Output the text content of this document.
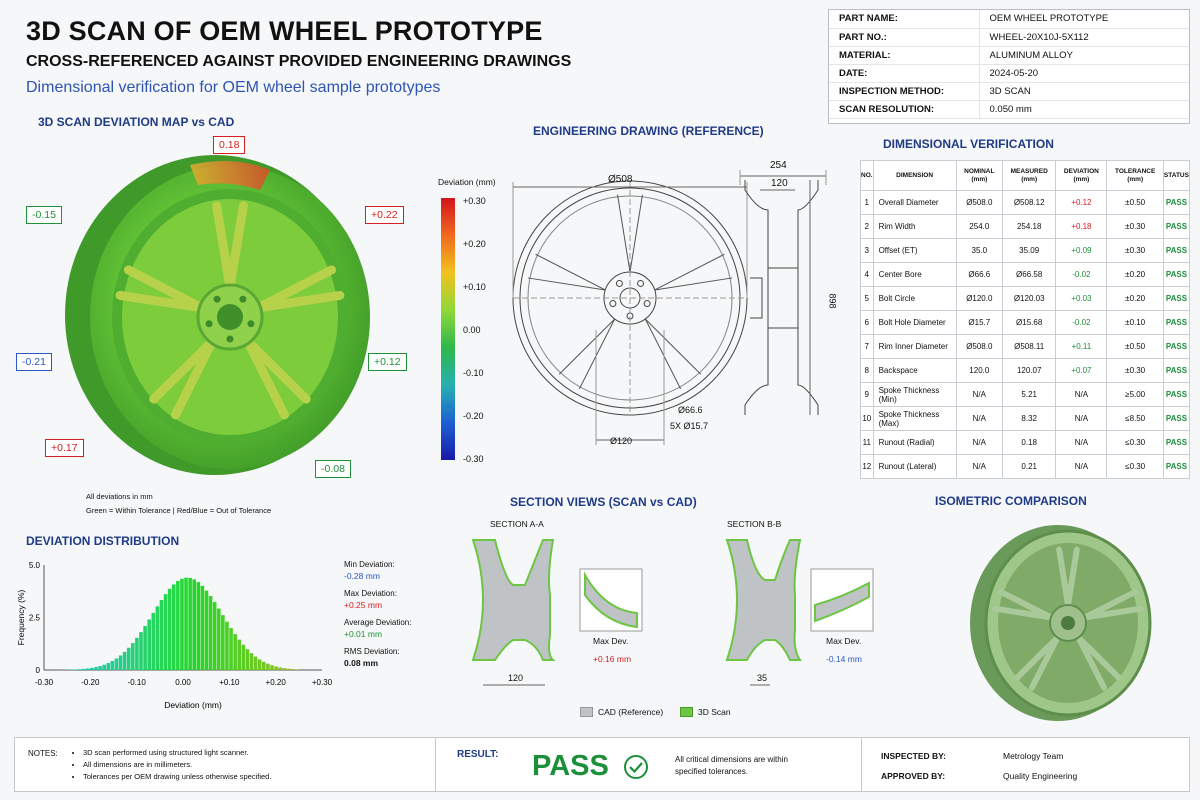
3D SCAN OF OEM WHEEL PROTOTYPE
CROSS-REFERENCED AGAINST PROVIDED ENGINEERING DRAWINGS
Dimensional verification for OEM wheel sample prototypes
PART NAME:	OEM WHEEL PROTOTYPE
PART NO.:	WHEEL-20X10J-5X112
MATERIAL:	ALUMINUM ALLOY
DATE:	2024-05-20
INSPECTION METHOD:	3D SCAN
SCAN RESOLUTION:	0.050 mm
3D SCAN DEVIATION MAP vs CAD
0.18
-0.15	+0.22
-0.21	+0.12
+0.17
-0.08
All deviations in mm
Green = Within Tolerance | Red/Blue = Out of Tolerance
Deviation (mm)
+0.30
+0.20
+0.10
0.00
-0.10
-0.20
-0.30
ENGINEERING DRAWING (REFERENCE)
Ø508
254
120
Ø66.6
5X Ø15.7
Ø120
898
DIMENSIONAL VERIFICATION
NO.	DIMENSION	NOMINAL (mm)	MEASURED (mm)	DEVIATION (mm)	TOLERANCE (mm)	STATUS
1	Overall Diameter	Ø508.0	Ø508.12	+0.12	±0.50	PASS
2	Rim Width	254.0	254.18	+0.18	±0.30	PASS
3	Offset (ET)	35.0	35.09	+0.09	±0.30	PASS
4	Center Bore	Ø66.6	Ø66.58	-0.02	±0.20	PASS
5	Bolt Circle	Ø120.0	Ø120.03	+0.03	±0.20	PASS
6	Bolt Hole Diameter	Ø15.7	Ø15.68	-0.02	±0.10	PASS
7	Rim Inner Diameter	Ø508.0	Ø508.11	+0.11	±0.50	PASS
8	Backspace	120.0	120.07	+0.07	±0.30	PASS
9	Spoke Thickness (Min)	N/A	5.21	N/A	≥5.00	PASS
10	Spoke Thickness (Max)	N/A	8.32	N/A	≤8.50	PASS
11	Runout (Radial)	N/A	0.18	N/A	≤0.30	PASS
12	Runout (Lateral)	N/A	0.21	N/A	≤0.30	PASS
DEVIATION DISTRIBUTION
-0.30	-0.20	-0.10	0.00	+0.10	+0.20	+0.30
0
2.5
5.0
Deviation (mm)
Frequency (%)
Min Deviation:
-0.28 mm
Max Deviation:
+0.25 mm
Average Deviation:
+0.01 mm
RMS Deviation:
0.08 mm
SECTION VIEWS (SCAN vs CAD)
SECTION A-A	SECTION B-B
Max Dev.
+0.16 mm
Max Dev.
-0.14 mm
120	35
CAD (Reference)	3D Scan
ISOMETRIC COMPARISON
NOTES:	• 3D scan performed using structured light scanner.
• All dimensions are in millimeters.
• Tolerances per OEM drawing unless otherwise specified.
RESULT: PASS	All critical dimensions are within
specified tolerances.
INSPECTED BY:	Metrology Team
APPROVED BY:	Quality Engineering
